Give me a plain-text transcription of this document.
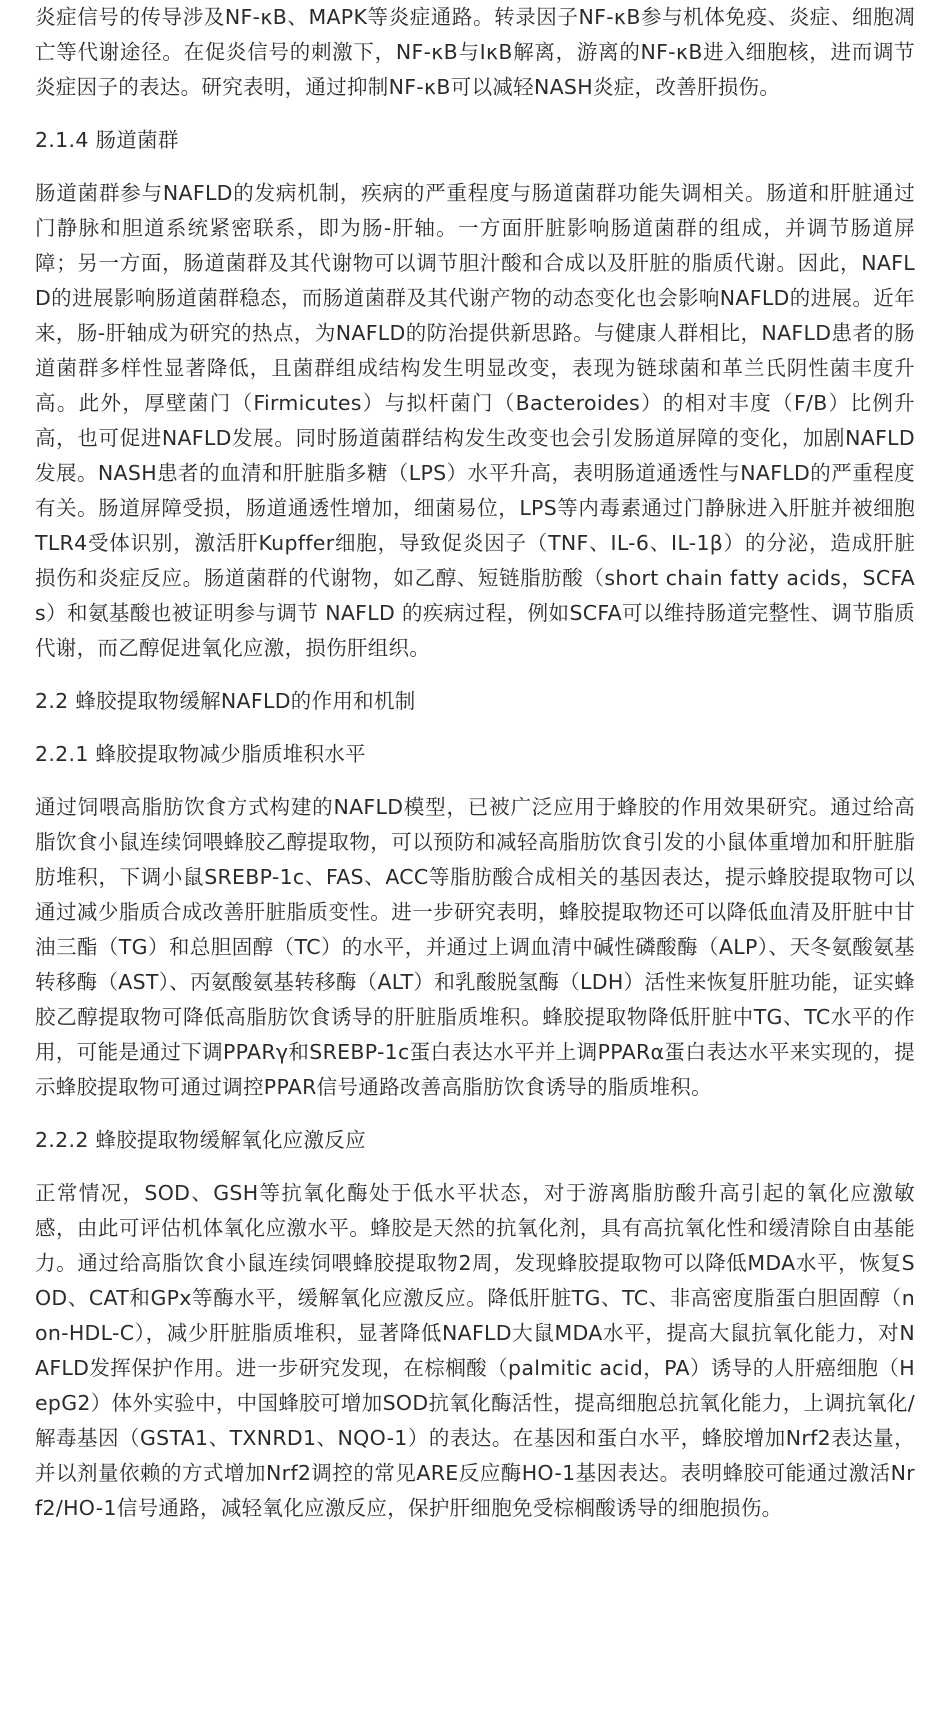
炎症信号的传导涉及NF-κB、MAPK等炎症通路。转录因子NF-κB参与机体免疫、炎症、细胞凋亡等代谢途径。在促炎信号的刺激下，NF-κB与IκB解离，游离的NF-κB进入细胞核，进而调节炎症因子的表达。研究表明，通过抑制NF-κB可以减轻NASH炎症，改善肝损伤。

2.1.4 肠道菌群

肠道菌群参与NAFLD的发病机制，疾病的严重程度与肠道菌群功能失调相关。肠道和肝脏通过门静脉和胆道系统紧密联系，即为肠-肝轴。一方面肝脏影响肠道菌群的组成，并调节肠道屏障；另一方面，肠道菌群及其代谢物可以调节胆汁酸和合成以及肝脏的脂质代谢。因此，NAFLD的进展影响肠道菌群稳态，而肠道菌群及其代谢产物的动态变化也会影响NAFLD的进展。近年来，肠-肝轴成为研究的热点，为NAFLD的防治提供新思路。与健康人群相比，NAFLD患者的肠道菌群多样性显著降低，且菌群组成结构发生明显改变，表现为链球菌和革兰氏阴性菌丰度升高。此外，厚壁菌门（Firmicutes）与拟杆菌门（Bacteroides）的相对丰度（F/B）比例升高，也可促进NAFLD发展。同时肠道菌群结构发生改变也会引发肠道屏障的变化，加剧NAFLD发展。NASH患者的血清和肝脏脂多糖（LPS）水平升高，表明肠道通透性与NAFLD的严重程度有关。肠道屏障受损，肠道通透性增加，细菌易位，LPS等内毒素通过门静脉进入肝脏并被细胞TLR4受体识别，激活肝Kupffer细胞，导致促炎因子（TNF、IL-6、IL-1β）的分泌，造成肝脏损伤和炎症反应。肠道菌群的代谢物，如乙醇、短链脂肪酸（short chain fatty acids，SCFAs）和氨基酸也被证明参与调节 NAFLD 的疾病过程，例如SCFA可以维持肠道完整性、调节脂质代谢，而乙醇促进氧化应激，损伤肝组织。

2.2 蜂胶提取物缓解NAFLD的作用和机制
2.2.1 蜂胶提取物减少脂质堆积水平

通过饲喂高脂肪饮食方式构建的NAFLD模型，已被广泛应用于蜂胶的作用效果研究。通过给高脂饮食小鼠连续饲喂蜂胶乙醇提取物，可以预防和减轻高脂肪饮食引发的小鼠体重增加和肝脏脂肪堆积，下调小鼠SREBP-1c、FAS、ACC等脂肪酸合成相关的基因表达，提示蜂胶提取物可以通过减少脂质合成改善肝脏脂质变性。进一步研究表明，蜂胶提取物还可以降低血清及肝脏中甘油三酯（TG）和总胆固醇（TC）的水平，并通过上调血清中碱性磷酸酶（ALP）、天冬氨酸氨基转移酶（AST）、丙氨酸氨基转移酶（ALT）和乳酸脱氢酶（LDH）活性来恢复肝脏功能，证实蜂胶乙醇提取物可降低高脂肪饮食诱导的肝脏脂质堆积。蜂胶提取物降低肝脏中TG、TC水平的作用，可能是通过下调PPARγ和SREBP-1c蛋白表达水平并上调PPARα蛋白表达水平来实现的，提示蜂胶提取物可通过调控PPAR信号通路改善高脂肪饮食诱导的脂质堆积。

2.2.2 蜂胶提取物缓解氧化应激反应

正常情况，SOD、GSH等抗氧化酶处于低水平状态，对于游离脂肪酸升高引起的氧化应激敏感，由此可评估机体氧化应激水平。蜂胶是天然的抗氧化剂，具有高抗氧化性和缓清除自由基能力。通过给高脂饮食小鼠连续饲喂蜂胶提取物2周，发现蜂胶提取物可以降低MDA水平，恢复SOD、CAT和GPx等酶水平，缓解氧化应激反应。降低肝脏TG、TC、非高密度脂蛋白胆固醇（non-HDL-C），减少肝脏脂质堆积，显著降低NAFLD大鼠MDA水平，提高大鼠抗氧化能力，对NAFLD发挥保护作用。进一步研究发现，在棕榈酸（palmitic acid，PA）诱导的人肝癌细胞（HepG2）体外实验中，中国蜂胶可增加SOD抗氧化酶活性，提高细胞总抗氧化能力，上调抗氧化/解毒基因（GSTA1、TXNRD1、NQO-1）的表达。在基因和蛋白水平，蜂胶增加Nrf2表达量，并以剂量依赖的方式增加Nrf2调控的常见ARE反应酶HO-1基因表达。表明蜂胶可能通过激活Nrf2/HO-1信号通路，减轻氧化应激反应，保护肝细胞免受棕榈酸诱导的细胞损伤。
